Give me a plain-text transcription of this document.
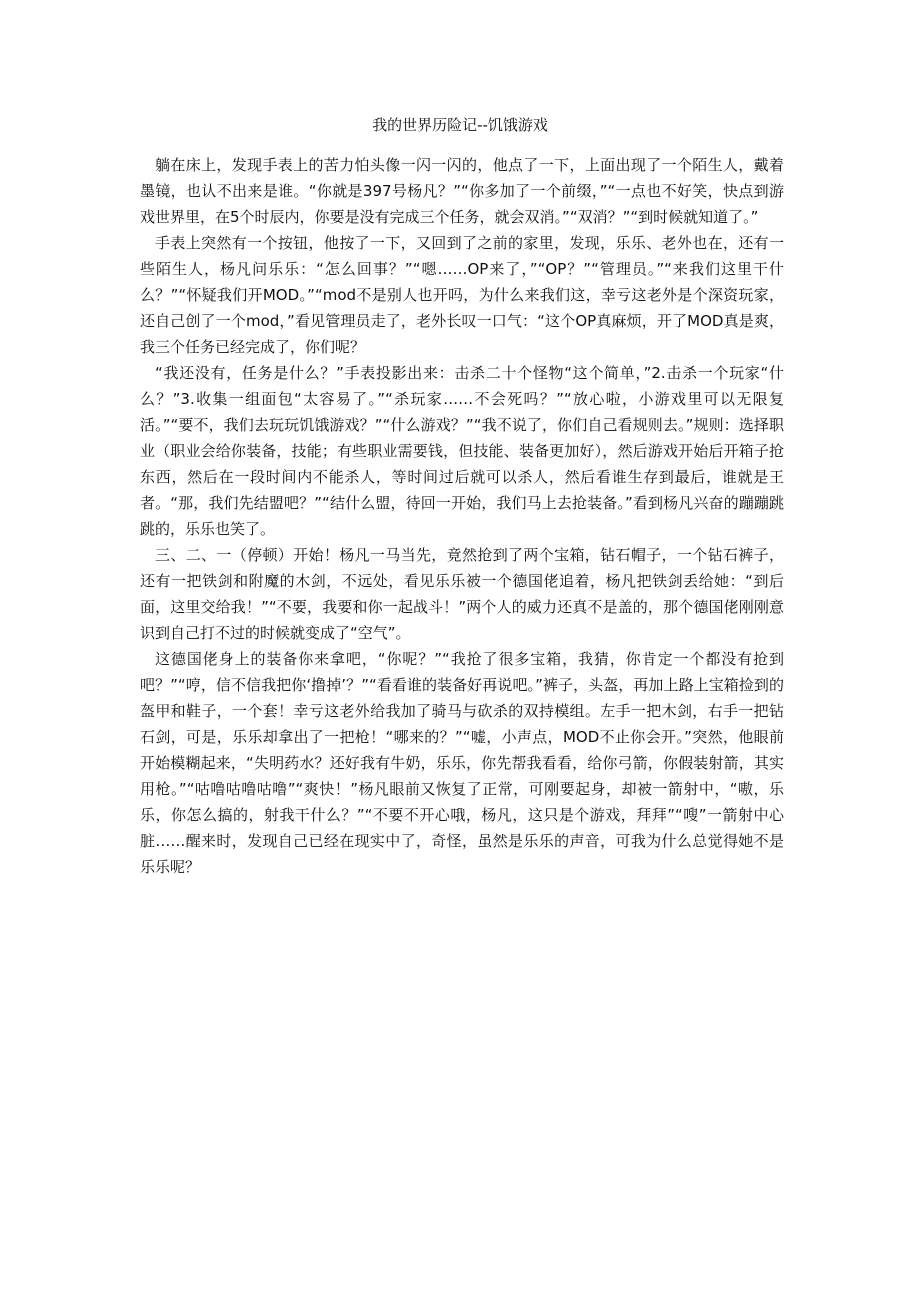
我的世界历险记--饥饿游戏

躺在床上，发现手表上的苦力怕头像一闪一闪的，他点了一下，上面出现了一个陌生人，戴着墨镜，也认不出来是谁。“你就是397号杨凡？”“你多加了一个前缀，”“一点也不好笑，快点到游戏世界里，在5个时辰内，你要是没有完成三个任务，就会双消。”“双消？”“到时候就知道了。”

手表上突然有一个按钮，他按了一下，又回到了之前的家里，发现，乐乐、老外也在，还有一些陌生人，杨凡问乐乐：“怎么回事？”“嗯……OP来了，”“OP？”“管理员。”“来我们这里干什么？”“怀疑我们开MOD。”“mod不是别人也开吗，为什么来我们这，幸亏这老外是个深资玩家，还自己创了一个mod，”看见管理员走了，老外长叹一口气：“这个OP真麻烦，开了MOD真是爽，我三个任务已经完成了，你们呢？

“我还没有，任务是什么？”手表投影出来：击杀二十个怪物“这个简单，”2.击杀一个玩家“什么？”3.收集一组面包“太容易了。”“杀玩家……不会死吗？”“放心啦，小游戏里可以无限复活。”“要不，我们去玩玩饥饿游戏？”“什么游戏？”“我不说了，你们自己看规则去。”规则：选择职业（职业会给你装备，技能；有些职业需要钱，但技能、装备更加好），然后游戏开始后开箱子抢东西，然后在一段时间内不能杀人，等时间过后就可以杀人，然后看谁生存到最后，谁就是王者。“那，我们先结盟吧？”“结什么盟，待回一开始，我们马上去抢装备。”看到杨凡兴奋的蹦蹦跳跳的，乐乐也笑了。

三、二、一（停顿）开始！杨凡一马当先，竟然抢到了两个宝箱，钻石帽子，一个钻石裤子，还有一把铁剑和附魔的木剑，不远处，看见乐乐被一个德国佬追着，杨凡把铁剑丢给她：“到后面，这里交给我！”“不要，我要和你一起战斗！”两个人的威力还真不是盖的，那个德国佬刚刚意识到自己打不过的时候就变成了“空气”。

这德国佬身上的装备你来拿吧，“你呢？”“我抢了很多宝箱，我猜，你肯定一个都没有抢到吧？”“哼，信不信我把你‘撸掉’？”“看看谁的装备好再说吧。”裤子，头盔，再加上路上宝箱捡到的盔甲和鞋子，一个套！幸亏这老外给我加了骑马与砍杀的双持模组。左手一把木剑，右手一把钻石剑，可是，乐乐却拿出了一把枪！“哪来的？”“嘘，小声点，MOD不止你会开。”突然，他眼前开始模糊起来，“失明药水？还好我有牛奶，乐乐，你先帮我看看，给你弓箭，你假装射箭，其实用枪。”“咕噜咕噜咕噜”“爽快！”杨凡眼前又恢复了正常，可刚要起身，却被一箭射中，“嗷，乐乐，你怎么搞的，射我干什么？”“不要不开心哦，杨凡，这只是个游戏，拜拜”“嗖”一箭射中心脏……醒来时，发现自己已经在现实中了，奇怪，虽然是乐乐的声音，可我为什么总觉得她不是乐乐呢？
